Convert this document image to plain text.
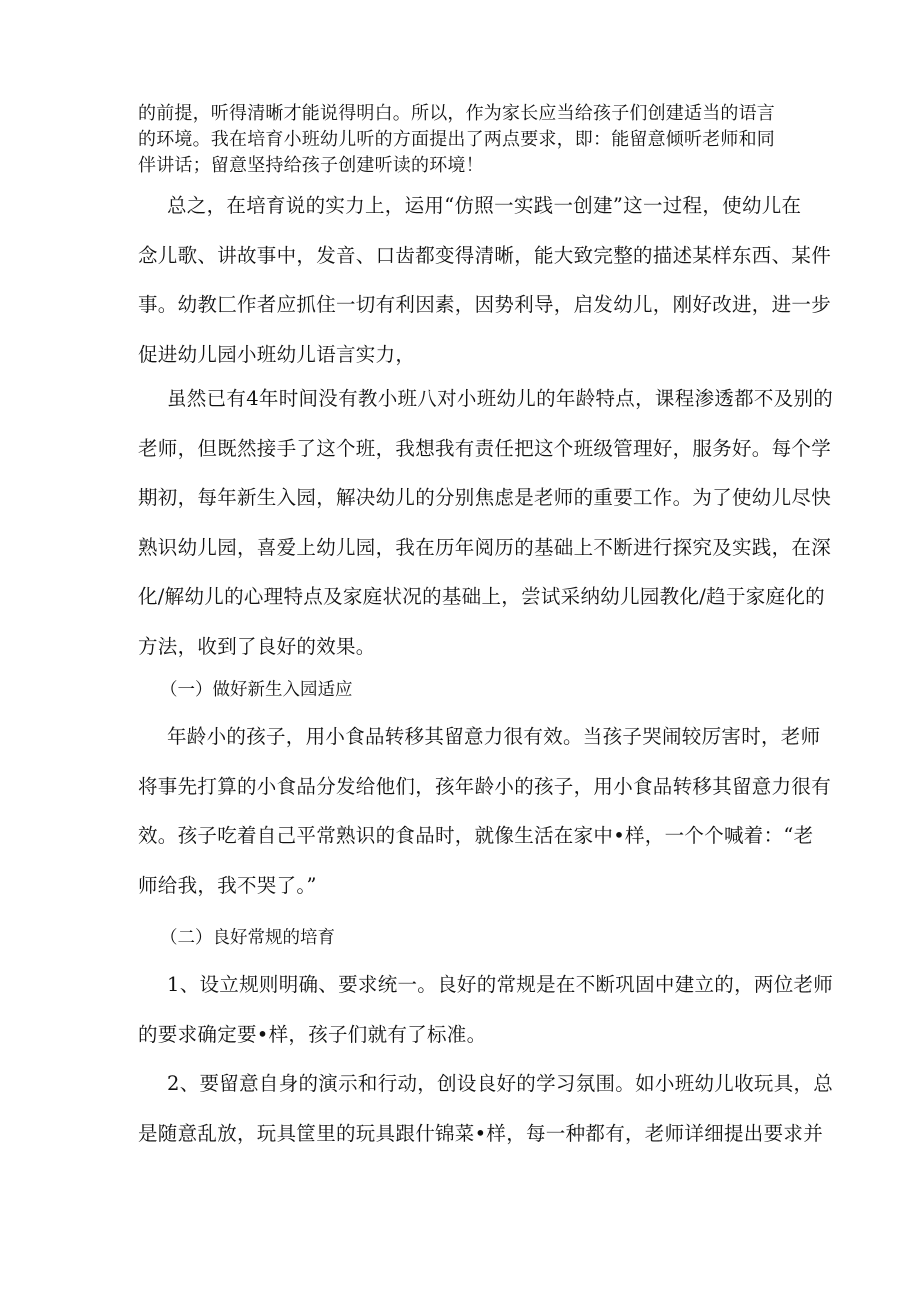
的前提，听得清晰才能说得明白。所以，作为家长应当给孩子们创建适当的语言
的环境。我在培育小班幼儿听的方面提出了两点要求，即：能留意倾听老师和同
伴讲话；留意坚持给孩子创建听读的环境！
总之，在培育说的实力上，运用“仿照一实践一创建”这一过程，使幼儿在
念儿歌、讲故事中，发音、口齿都变得清晰，能大致完整的描述某样东西、某件
事。幼教匚作者应抓住一切有利因素，因势利导，启发幼儿，刚好改进，进一步
促进幼儿园小班幼儿语言实力，
虽然已有4年时间没有教小班八对小班幼儿的年龄特点，课程渗透都不及别的
老师，但既然接手了这个班，我想我有责任把这个班级管理好，服务好。每个学
期初，每年新生入园，解决幼儿的分别焦虑是老师的重要工作。为了使幼儿尽快
熟识幼儿园，喜爱上幼儿园，我在历年阅历的基础上不断进行探究及实践，在深
化/解幼儿的心理特点及家庭状况的基础上，尝试采纳幼儿园教化/趋于家庭化的
方法，收到了良好的效果。
（一）做好新生入园适应
年龄小的孩子，用小食品转移其留意力很有效。当孩子哭闹较厉害时，老师
将事先打算的小食品分发给他们，孩年龄小的孩子，用小食品转移其留意力很有
效。孩子吃着自己平常熟识的食品时，就像生活在家中•样，一个个喊着：“老
师给我，我不哭了。”
（二）良好常规的培育
1、设立规则明确、要求统一。良好的常规是在不断巩固中建立的，两位老师
的要求确定要•样，孩子们就有了标准。
2、要留意自身的演示和行动，创设良好的学习氛围。如小班幼儿收玩具，总
是随意乱放，玩具筐里的玩具跟什锦菜•样，每一种都有，老师详细提出要求并
